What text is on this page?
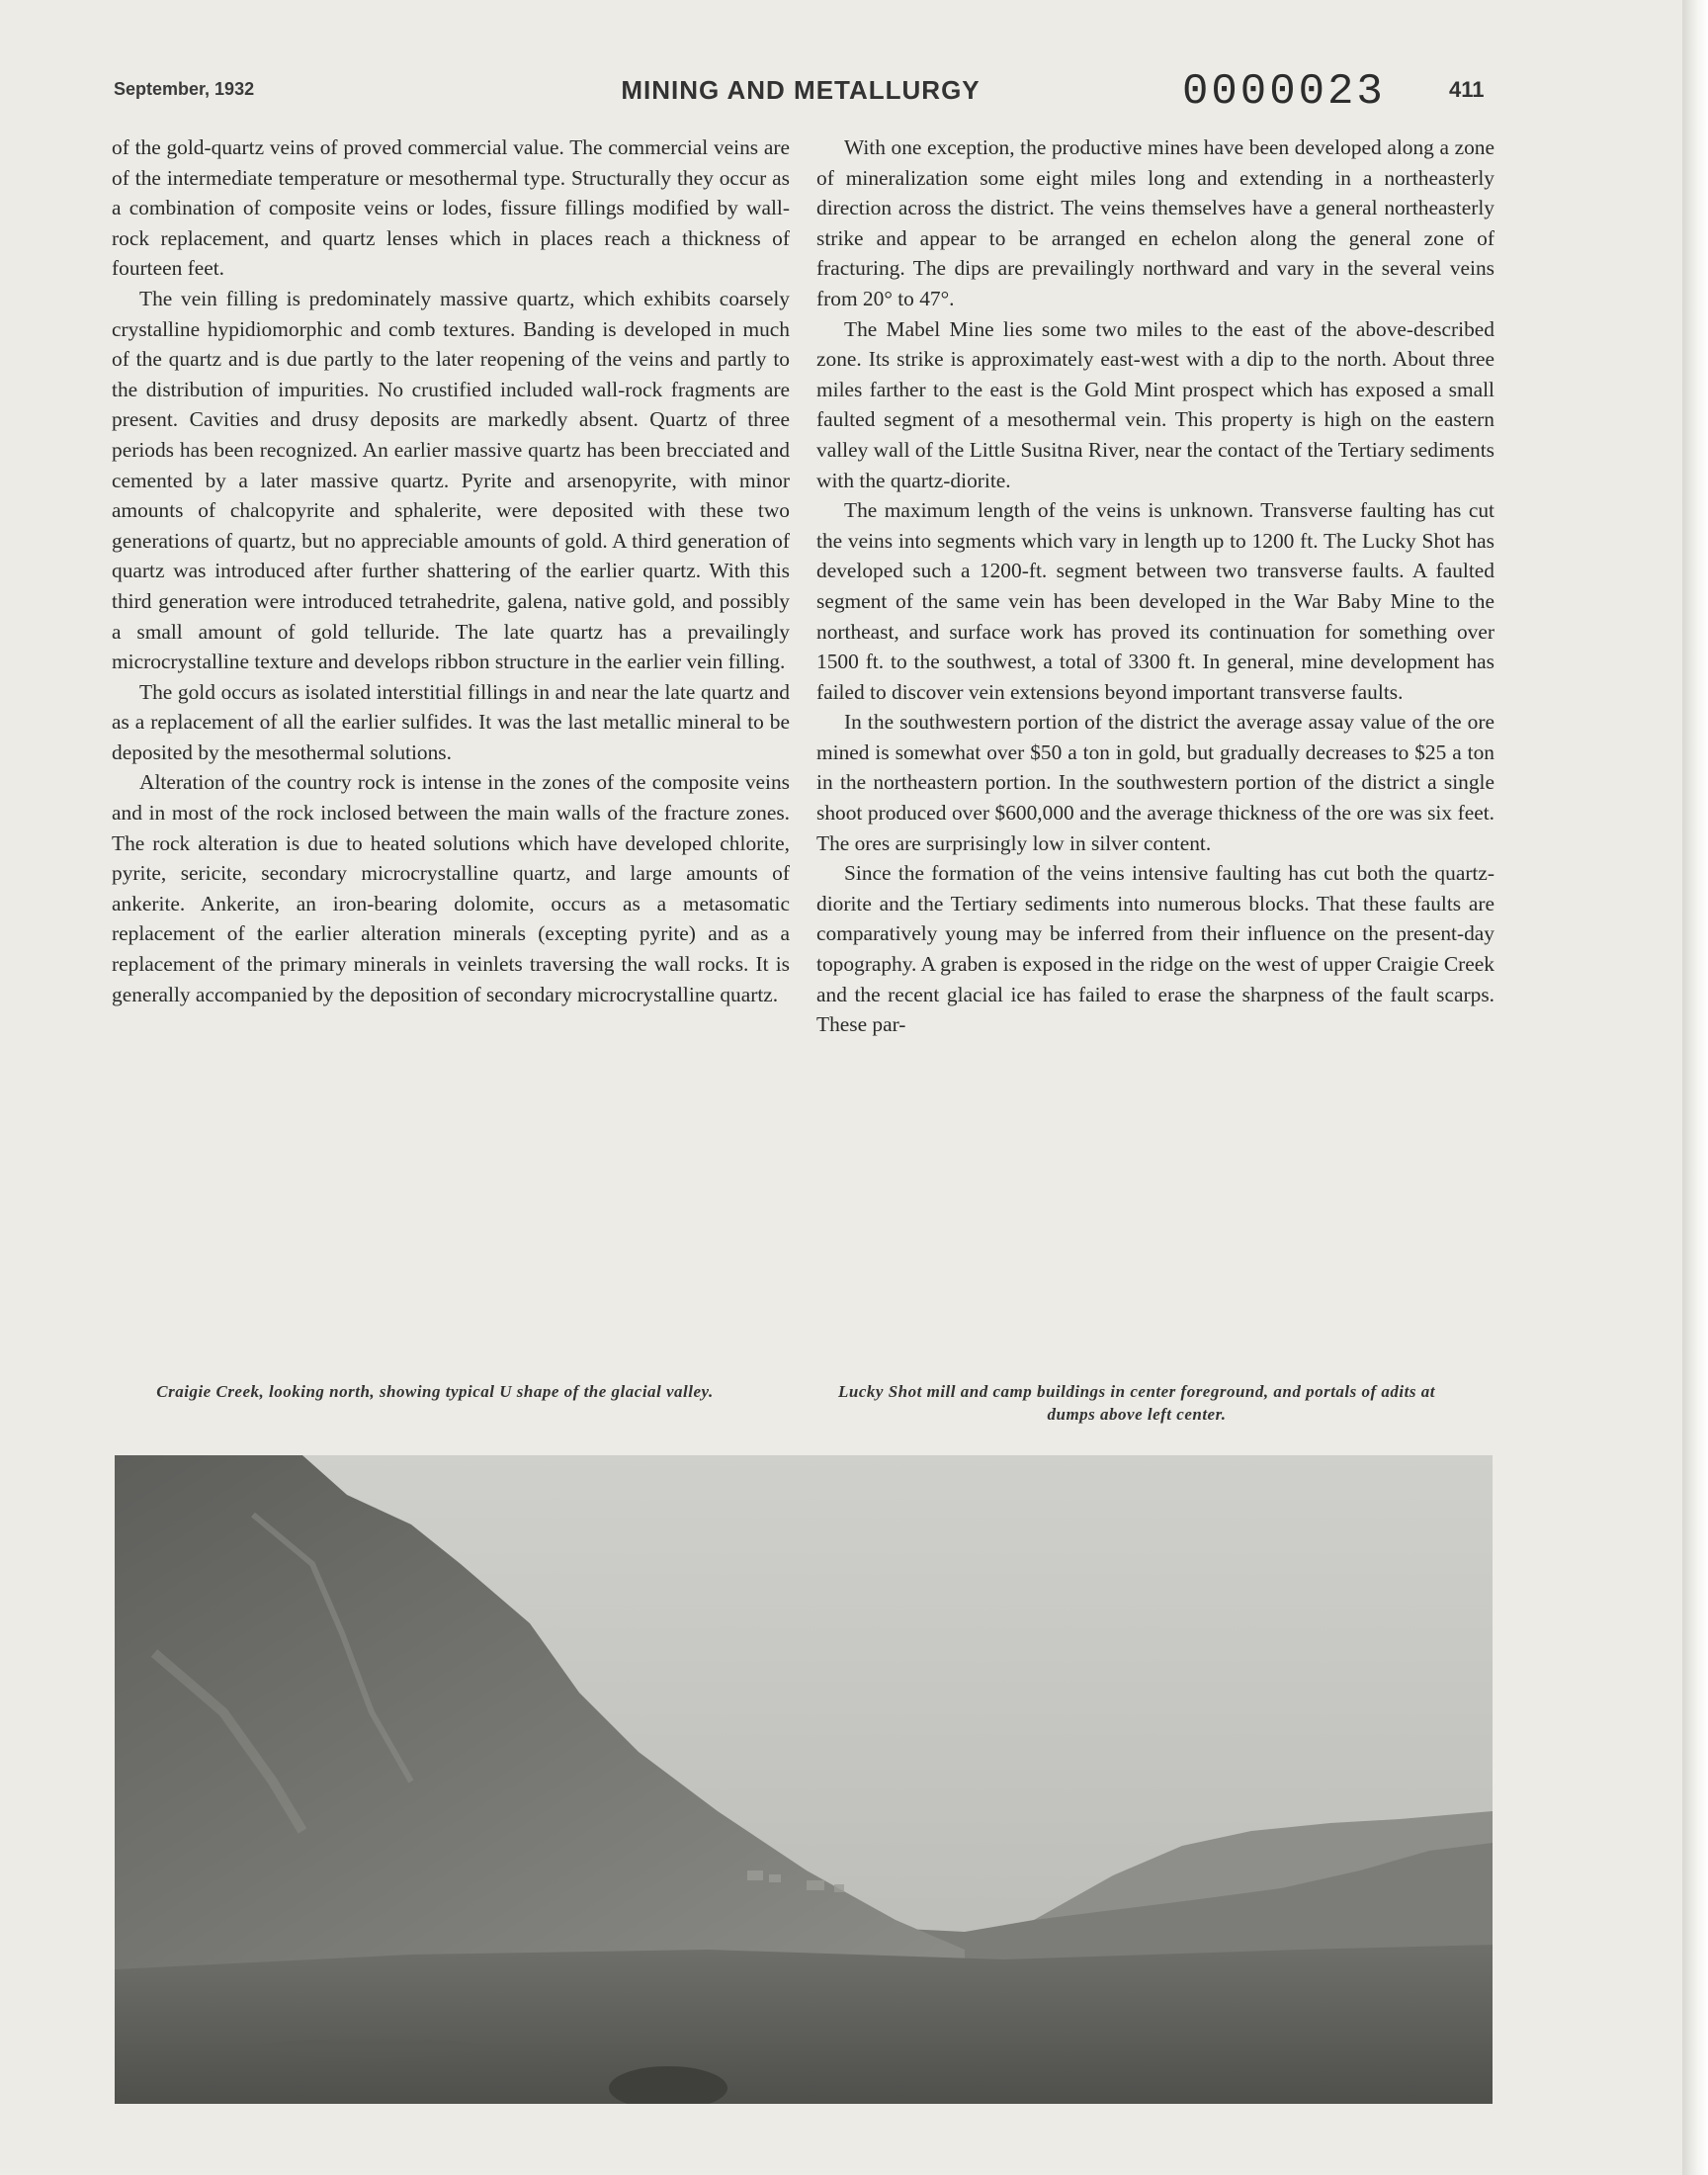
September, 1932	MINING AND METALLURGY	0000023	411

of the gold-quartz veins of proved commercial value. The commercial veins are of the intermediate temperature or mesothermal type. Structurally they occur as a combination of composite veins or lodes, fissure fillings modified by wall-rock replacement, and quartz lenses which in places reach a thickness of fourteen feet.

The vein filling is predominately massive quartz, which exhibits coarsely crystalline hypidiomorphic and comb textures. Banding is developed in much of the quartz and is due partly to the later reopening of the veins and partly to the distribution of impurities. No crustified included wall-rock fragments are present. Cavities and drusy deposits are markedly absent. Quartz of three periods has been recognized. An earlier massive quartz has been brecciated and cemented by a later massive quartz. Pyrite and arsenopyrite, with minor amounts of chalcopyrite and sphalerite, were deposited with these two generations of quartz, but no appreciable amounts of gold. A third generation of quartz was introduced after further shattering of the earlier quartz. With this third generation were introduced tetrahedrite, galena, native gold, and possibly a small amount of gold telluride. The late quartz has a prevailingly microcrystalline texture and develops ribbon structure in the earlier vein filling.

The gold occurs as isolated interstitial fillings in and near the late quartz and as a replacement of all the earlier sulfides. It was the last metallic mineral to be deposited by the mesothermal solutions.

Alteration of the country rock is intense in the zones of the composite veins and in most of the rock inclosed between the main walls of the fracture zones. The rock alteration is due to heated solutions which have developed chlorite, pyrite, sericite, secondary microcrystalline quartz, and large amounts of ankerite. Ankerite, an iron-bearing dolomite, occurs as a metasomatic replacement of the earlier alteration minerals (excepting pyrite) and as a replacement of the primary minerals in veinlets traversing the wall rocks. It is generally accompanied by the deposition of secondary microcrystalline quartz.

With one exception, the productive mines have been developed along a zone of mineralization some eight miles long and extending in a northeasterly direction across the district. The veins themselves have a general northeasterly strike and appear to be arranged en echelon along the general zone of fracturing. The dips are prevailingly northward and vary in the several veins from 20° to 47°.

The Mabel Mine lies some two miles to the east of the above-described zone. Its strike is approximately east-west with a dip to the north. About three miles farther to the east is the Gold Mint prospect which has exposed a small faulted segment of a mesothermal vein. This property is high on the eastern valley wall of the Little Susitna River, near the contact of the Tertiary sediments with the quartz-diorite.

The maximum length of the veins is unknown. Transverse faulting has cut the veins into segments which vary in length up to 1200 ft. The Lucky Shot has developed such a 1200-ft. segment between two transverse faults. A faulted segment of the same vein has been developed in the War Baby Mine to the northeast, and surface work has proved its continuation for something over 1500 ft. to the southwest, a total of 3300 ft. In general, mine development has failed to discover vein extensions beyond important transverse faults.

In the southwestern portion of the district the average assay value of the ore mined is somewhat over $50 a ton in gold, but gradually decreases to $25 a ton in the northeastern portion. In the southwestern portion of the district a single shoot produced over $600,000 and the average thickness of the ore was six feet. The ores are surprisingly low in silver content.

Since the formation of the veins intensive faulting has cut both the quartz-diorite and the Tertiary sediments into numerous blocks. That these faults are comparatively young may be inferred from their influence on the present-day topography. A graben is exposed in the ridge on the west of upper Craigie Creek and the recent glacial ice has failed to erase the sharpness of the fault scarps. These par-

Craigie Creek, looking north, showing typical U shape of the glacial valley.	Lucky Shot mill and camp buildings in center foreground, and portals of adits at dumps above left center.
